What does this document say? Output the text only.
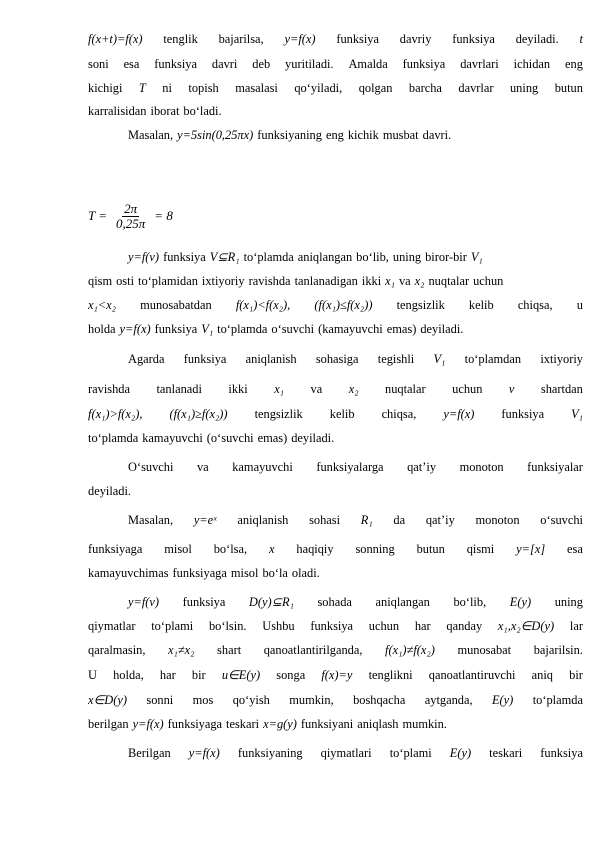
f(x+t)=f(x) tenglik bajarilsa, y=f(x) funksiya davriy funksiya deyiladi. t
soni esa funksiya davri deb yuritiladi. Amalda funksiya davrlari ichidan eng
kichigi T ni topish masalasi qo‘yiladi, qolgan barcha davrlar uning butun
karralisidan iborat bo‘ladi.
Masalan, y=5sin(0,25πx) funksiyaning eng kichik musbat davri.
y=f(v) funksiya V⊆R₁ to‘plamda aniqlangan bo‘lib, uning biror-bir V₁
qism osti to‘plamidan ixtiyoriy ravishda tanlanadigan ikki x₁ va x₂ nuqtalar uchun
x₁<x₂ munosabatdan f(x₁)<f(x₂), (f(x₁)≤f(x₂)) tengsizlik kelib chiqsa, u
holda y=f(x) funksiya V₁ to‘plamda o‘suvchi (kamayuvchi emas) deyiladi.
Agarda funksiya aniqlanish sohasiga tegishli V₁ to‘plamdan ixtiyoriy
ravishda tanlanadi ikki x₁ va x₂ nuqtalar uchun v shartdan
f(x₁)>f(x₂), (f(x₁)≥f(x₂)) tengsizlik kelib chiqsa, y=f(x) funksiya V₁
to‘plamda kamayuvchi (o‘suvchi emas) deyiladi.
O‘suvchi va kamayuvchi funksiyalarga qat’iy monoton funksiyalar
deyiladi.
Masalan, y=eˣ aniqlanish sohasi R₁ da qat’iy monoton o‘suvchi
funksiyaga misol bo‘lsa, x haqiqiy sonning butun qismi y=[x] esa
kamayuvchimas funksiyaga misol bo‘la oladi.
y=f(v) funksiya D(y)⊆R₁ sohada aniqlangan bo‘lib, E(y) uning
qiymatlar to‘plami bo‘lsin. Ushbu funksiya uchun har qanday x₁,x₂∈D(y) lar
qaralmasin, x₁≠x₂ shart qanoatlantirilganda, f(x₁)≠f(x₂) munosabat bajarilsin.
U holda, har bir u∈E(y) songa f(x)=y tenglikni qanoatlantiruvchi aniq bir
x∈D(y) sonni mos qo‘yish mumkin, boshqacha aytganda, E(y) to‘plamda
berilgan y=f(x) funksiyaga teskari x=g(y) funksiyani aniqlash mumkin.
Berilgan y=f(x) funksiyaning qiymatlari to‘plami E(y) teskari funksiya
$T = \frac{2\pi}{0,25\pi} = 8$
